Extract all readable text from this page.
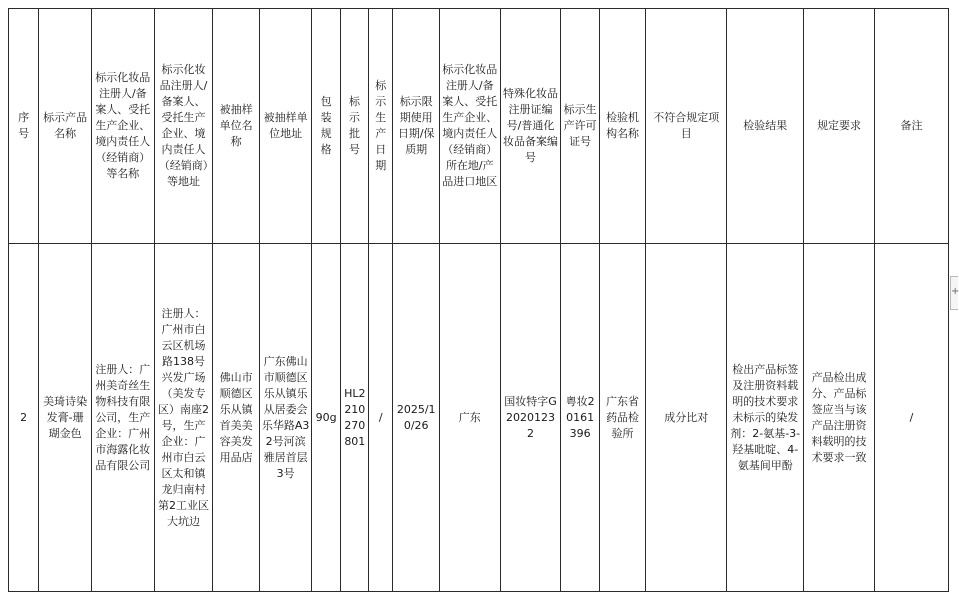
序号	标示产品名称	标示化妆品注册人/备案人、受托生产企业、境内责任人（经销商）等名称	标示化妆品注册人/备案人、受托生产企业、境内责任人（经销商）等地址	被抽样单位名称	被抽样单位地址	包装规格	标示批号	标示生产日期	标示限期使用日期/保质期	标示化妆品注册人/备案人、受托生产企业、境内责任人（经销商）所在地/产品进口地区	特殊化妆品注册证编号/普通化妆品备案编号	标示生产许可证号	检验机构名称	不符合规定项目	检验结果	规定要求	备注
2	美琦诗染发膏-珊瑚金色	注册人：广州美奇丝生物科技有限公司，生产企业：广州市海露化妆品有限公司	注册人：广州市白云区机场路138号兴发广场（美发专区）南座2号，生产企业：广州市白云区太和镇龙归南村第2工业区大坑边	佛山市顺德区乐从镇首美美容美发用品店	广东佛山市顺德区乐从镇乐从居委会乐华路A32号河滨雅居首层3号	90g	HL2210270801	/	2025/10/26	广东	国妆特字G20201232	粤妆20161396	广东省药品检验所	成分比对	检出产品标签及注册资料载明的技术要求未标示的染发剂：2-氨基-3-羟基吡啶、4-氨基间甲酚	产品检出成分、产品标签应当与该产品注册资料载明的技术要求一致	/
+
